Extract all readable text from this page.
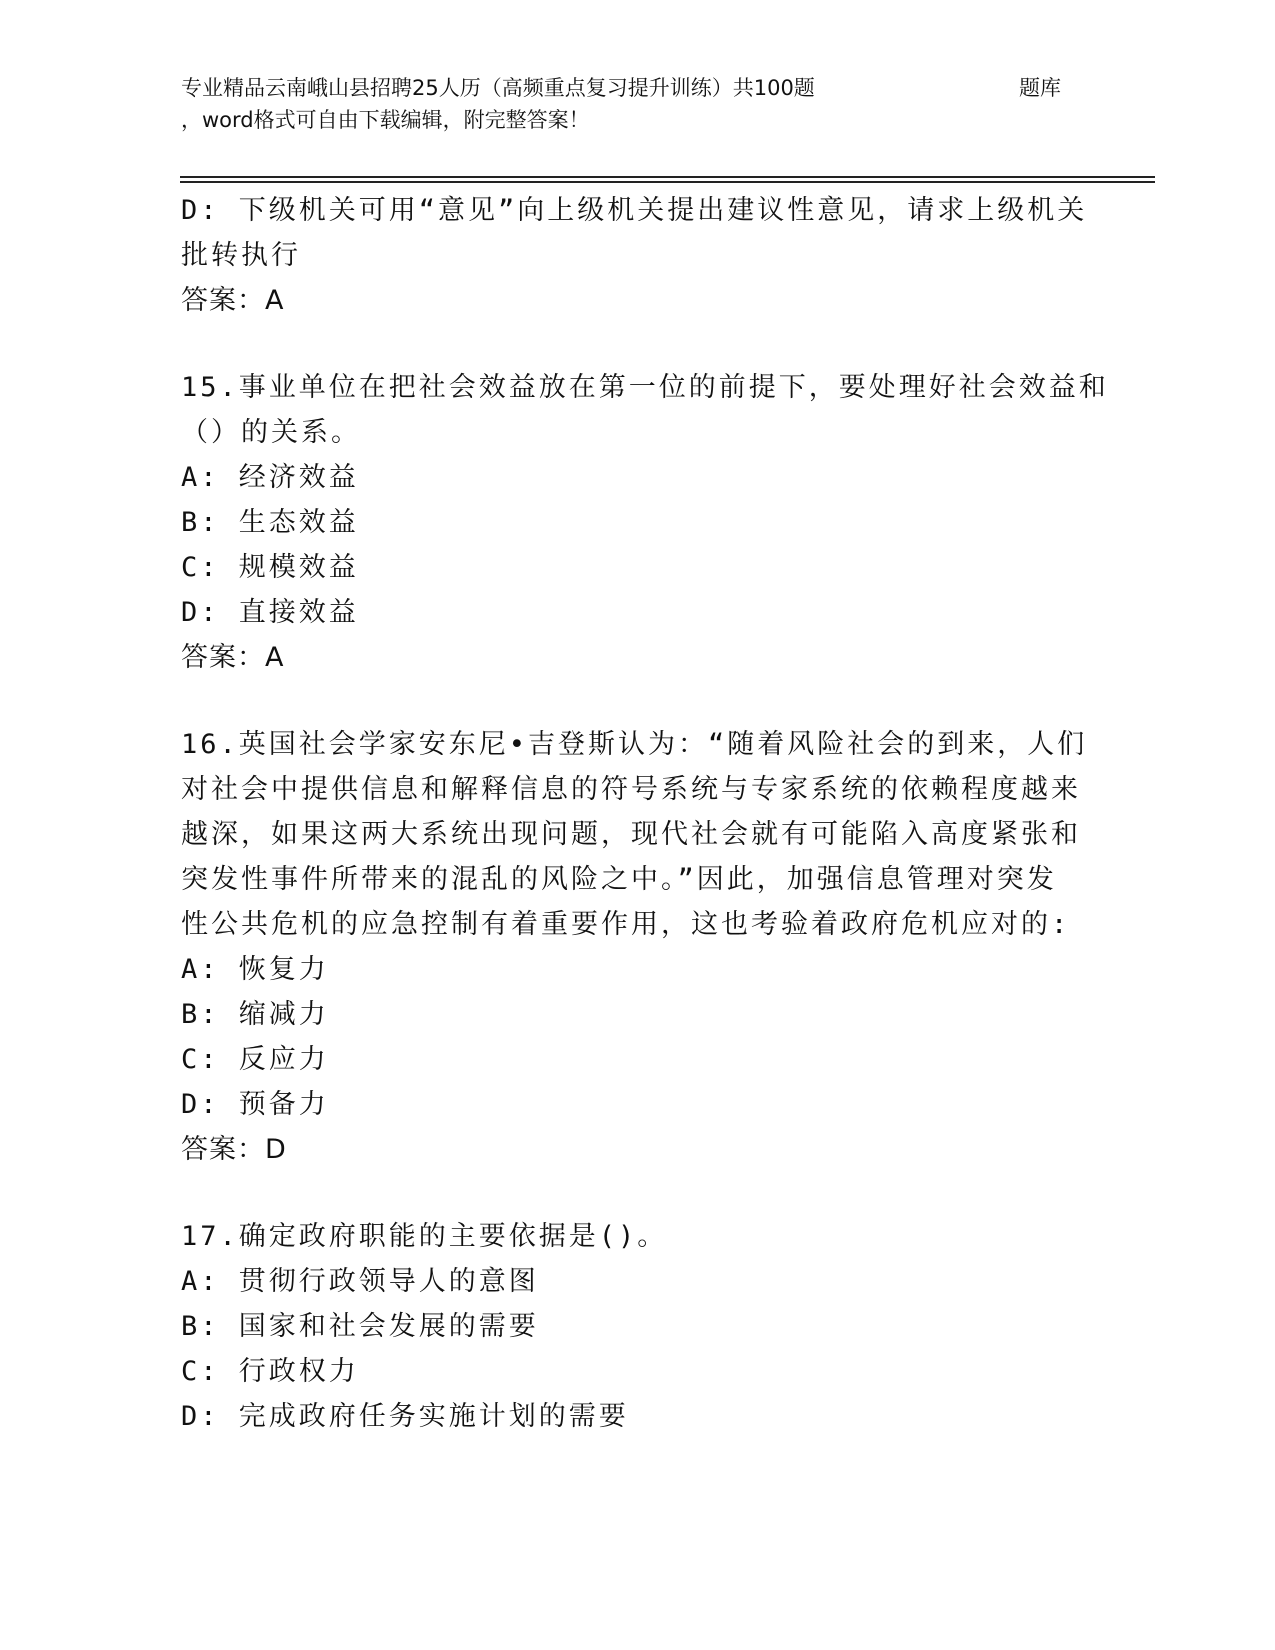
专业精品云南峨山县招聘25人历（高频重点复习提升训练）共100题	题库
，word格式可自由下载编辑，附完整答案！
D: 下级机关可用“意见”向上级机关提出建议性意见，请求上级机关
批转执行
答案：A
15.事业单位在把社会效益放在第一位的前提下，要处理好社会效益和
（）的关系。
A: 经济效益
B: 生态效益
C: 规模效益
D: 直接效益
答案：A
16.英国社会学家安东尼•吉登斯认为：“随着风险社会的到来，人们
对社会中提供信息和解释信息的符号系统与专家系统的依赖程度越来
越深，如果这两大系统出现问题，现代社会就有可能陷入高度紧张和
突发性事件所带来的混乱的风险之中。”因此，加强信息管理对突发
性公共危机的应急控制有着重要作用，这也考验着政府危机应对的:
A: 恢复力
B: 缩减力
C: 反应力
D: 预备力
答案：D
17.确定政府职能的主要依据是()。
A: 贯彻行政领导人的意图
B: 国家和社会发展的需要
C: 行政权力
D: 完成政府任务实施计划的需要
